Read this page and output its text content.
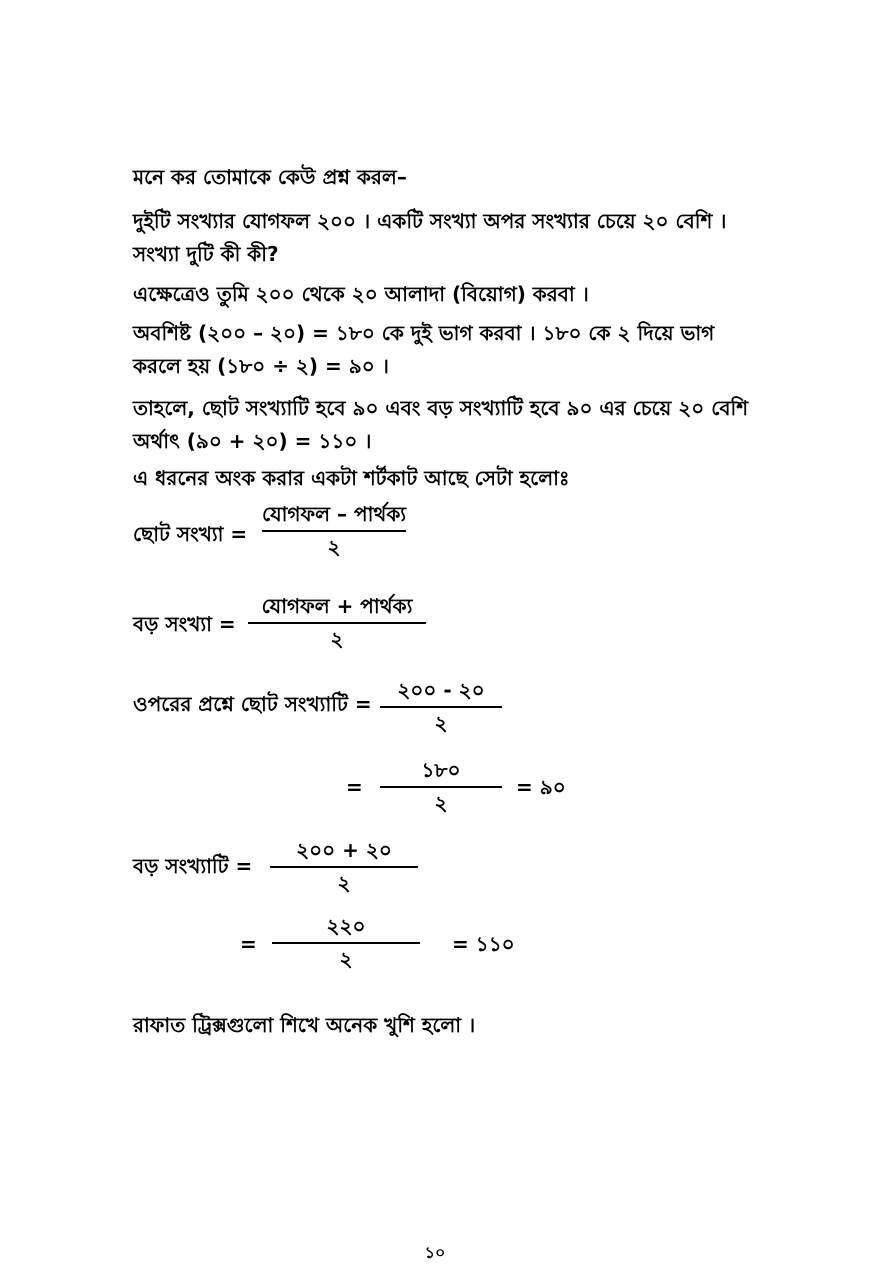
মনে কর তোমাকে কেউ প্রশ্ন করল–
দুইটি সংখ্যার যোগফল ২০০ । একটি সংখ্যা অপর সংখ্যার চেয়ে ২০ বেশি । সংখ্যা দুটি কী কী?
এক্ষেত্রেও তুমি ২০০ থেকে ২০ আলাদা (বিয়োগ) করবা ।
অবশিষ্ট (২০০ – ২০) = ১৮০ কে দুই ভাগ করবা । ১৮০ কে ২ দিয়ে ভাগ করলে হয় (১৮০ ÷ ২) = ৯০ ।
তাহলে, ছোট সংখ্যাটি হবে ৯০ এবং বড় সংখ্যাটি হবে ৯০ এর চেয়ে ২০ বেশি অর্থাৎ (৯০ + ২০) = ১১০ ।
এ ধরনের অংক করার একটা শর্টকাট আছে সেটা হলোঃ
ছোট সংখ্যা =
যোগফল – পার্থক্য
২
বড় সংখ্যা =
যোগফল + পার্থক্য
২
ওপরের প্রশ্নে ছোট সংখ্যাটি =
২০০ - ২০
২
=
১৮০
২
= ৯০
বড় সংখ্যাটি =
২০০ + ২০
২
=
২২০
২
= ১১০
রাফাত ট্রিক্সগুলো শিখে অনেক খুশি হলো ।
১০
